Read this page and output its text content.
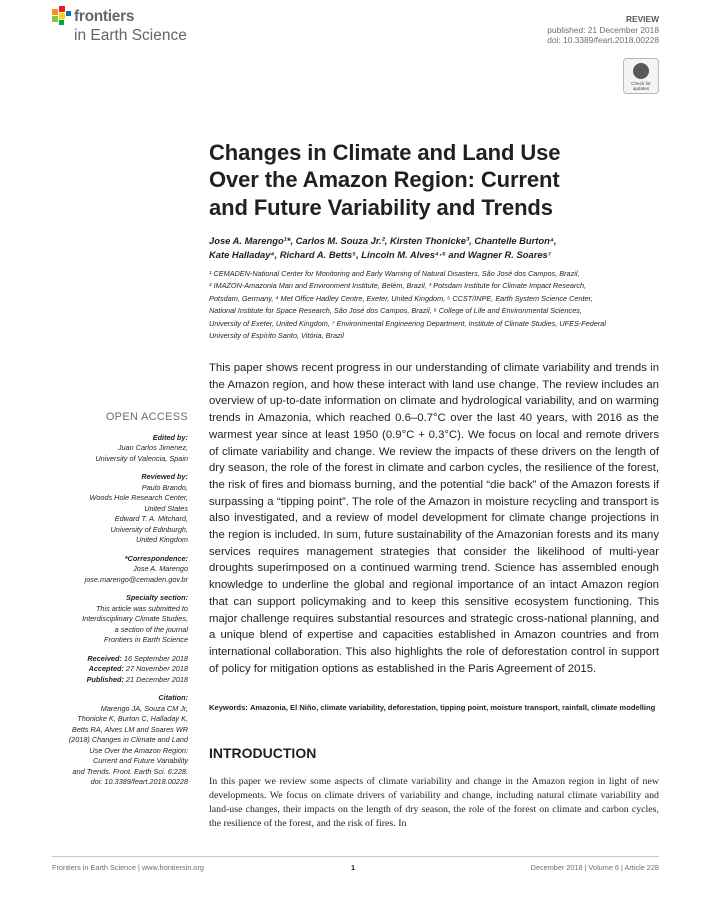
frontiers
in Earth Science
REVIEW
published: 21 December 2018
doi: 10.3389/feart.2018.00228
Check for updates
Changes in Climate and Land Use
Over the Amazon Region: Current
and Future Variability and Trends
Jose A. Marengo¹*, Carlos M. Souza Jr.², Kirsten Thonicke³, Chantelle Burton⁴,
Kate Halladay⁴, Richard A. Betts⁵, Lincoln M. Alves⁴·⁶ and Wagner R. Soares⁷
¹ CEMADEN-National Center for Monitoring and Early Warning of Natural Disasters, São José dos Campos, Brazil,
² IMAZON-Amazonia Man and Environment Institute, Belém, Brazil, ³ Potsdam Institute for Climate Impact Research,
Potsdam, Germany, ⁴ Met Office Hadley Centre, Exeter, United Kingdom, ⁵ CCST/INPE, Earth System Science Center,
National Institute for Space Research, São José dos Campos, Brazil, ⁶ College of Life and Environmental Sciences,
University of Exeter, United Kingdom, ⁷ Environmental Engineering Department, Institute of Climate Studies, UFES-Federal
University of Espírito Santo, Vitória, Brazil
This paper shows recent progress in our understanding of climate variability and trends in the Amazon region, and how these interact with land use change. The review includes an overview of up-to-date information on climate and hydrological variability, and on warming trends in Amazonia, which reached 0.6–0.7°C over the last 40 years, with 2016 as the warmest year since at least 1950 (0.9°C + 0.3°C). We focus on local and remote drivers of climate variability and change. We review the impacts of these drivers on the length of dry season, the role of the forest in climate and carbon cycles, the resilience of the forest, the risk of fires and biomass burning, and the potential “die back” of the Amazon forests if surpassing a “tipping point”. The role of the Amazon in moisture recycling and transport is also investigated, and a review of model development for climate change projections in the region is included. In sum, future sustainability of the Amazonian forests and its many services requires management strategies that consider the likelihood of multi-year droughts superimposed on a continued warming trend. Science has assembled enough knowledge to underline the global and regional importance of an intact Amazon region that can support policymaking and to keep this sensitive ecosystem functioning. This major challenge requires substantial resources and strategic cross-national planning, and a unique blend of expertise and capacities established in Amazon countries and from international collaboration. This also highlights the role of deforestation control in support of policy for mitigation options as established in the Paris Agreement of 2015.
Keywords: Amazonia, El Niño, climate variability, deforestation, tipping point, moisture transport, rainfall, climate modelling
INTRODUCTION
In this paper we review some aspects of climate variability and change in the Amazon region in light of new developments. We focus on climate drivers of variability and change, including natural climate variability and land-use changes, their impacts on the length of dry season, the role of the forest on climate and carbon cycles, the resilience of the forest, and the risk of fires. In
OPEN ACCESS
Edited by:
Juan Carlos Jimenez,
University of Valencia, Spain
Reviewed by:
Paulo Brando,
Woods Hole Research Center,
United States
Edward T. A. Mitchard,
University of Edinburgh,
United Kingdom
*Correspondence:
Jose A. Marengo
jose.marengo@cemaden.gov.br
Specialty section:
This article was submitted to
Interdisciplinary Climate Studies,
a section of the journal
Frontiers in Earth Science
Received: 16 September 2018
Accepted: 27 November 2018
Published: 21 December 2018
Citation:
Marengo JA, Souza CM Jr,
Thonicke K, Burton C, Halladay K,
Betts RA, Alves LM and Soares WR
(2018) Changes in Climate and Land
Use Over the Amazon Region:
Current and Future Variability
and Trends. Front. Earth Sci. 6:228.
doi: 10.3389/feart.2018.00228
Frontiers in Earth Science | www.frontiersin.org	1	December 2018 | Volume 6 | Article 228
